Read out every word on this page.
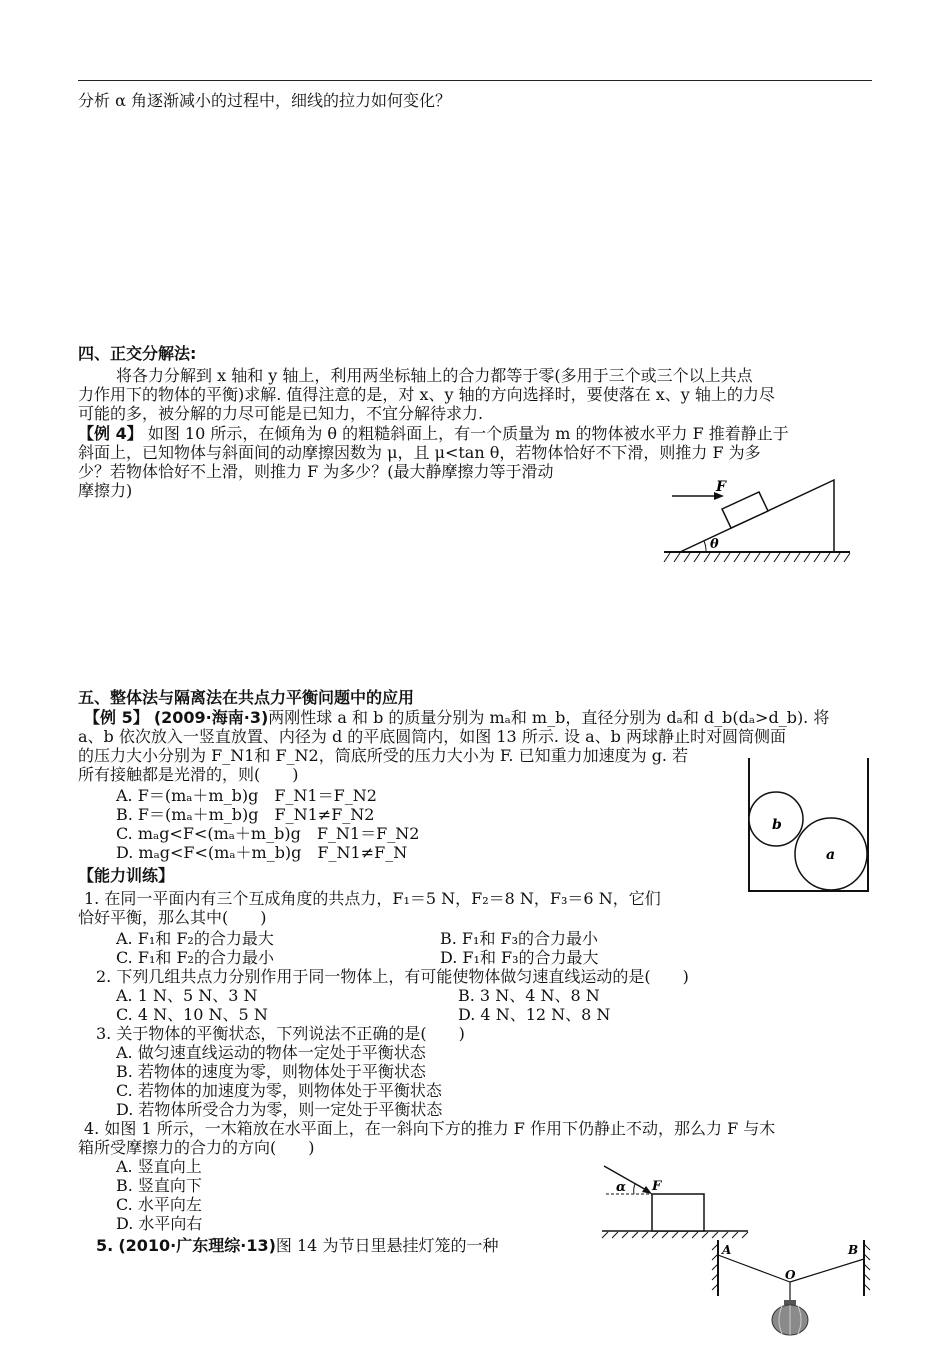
分析 α 角逐渐减小的过程中，细线的拉力如何变化？
四、正交分解法:
将各力分解到 x 轴和 y 轴上，利用两坐标轴上的合力都等于零(多用于三个或三个以上共点
力作用下的物体的平衡)求解. 值得注意的是，对 x、y 轴的方向选择时，要使落在 x、y 轴上的力尽
可能的多，被分解的力尽可能是已知力，不宜分解待求力.
【例 4】 如图 10 所示，在倾角为 θ 的粗糙斜面上，有一个质量为 m 的物体被水平力 F 推着静止于
斜面上，已知物体与斜面间的动摩擦因数为 μ，且 μ<tan θ，若物体恰好不下滑，则推力 F 为多
少？若物体恰好不上滑，则推力 F 为多少？(最大静摩擦力等于滑动
摩擦力)	F
θ
五、整体法与隔离法在共点力平衡问题中的应用
【例 5】 (2009·海南·3)两刚性球 a 和 b 的质量分别为 mₐ和 m_b，直径分别为 dₐ和 d_b(dₐ>d_b). 将
a、b 依次放入一竖直放置、内径为 d 的平底圆筒内，如图 13 所示. 设 a、b 两球静止时对圆筒侧面
的压力大小分别为 F_N1和 F_N2，筒底所受的压力大小为 F. 已知重力加速度为 g. 若
所有接触都是光滑的，则(　　)
A. F＝(mₐ＋m_b)g　F_N1＝F_N2
B. F＝(mₐ＋m_b)g　F_N1≠F_N2
C. mₐg<F<(mₐ＋m_b)g　F_N1＝F_N2
D. mₐg<F<(mₐ＋m_b)g　F_N1≠F_N
b
a
【能力训练】
1. 在同一平面内有三个互成角度的共点力，F₁＝5 N，F₂＝8 N，F₃＝6 N，它们
恰好平衡，那么其中(　　)
A. F₁和 F₂的合力最大	B. F₁和 F₃的合力最小
C. F₁和 F₂的合力最小	D. F₁和 F₃的合力最大
2. 下列几组共点力分别作用于同一物体上，有可能使物体做匀速直线运动的是(　　)
A. 1 N、5 N、3 N	B. 3 N、4 N、8 N
C. 4 N、10 N、5 N	D. 4 N、12 N、8 N
3. 关于物体的平衡状态，下列说法不正确的是(　　)
A. 做匀速直线运动的物体一定处于平衡状态
B. 若物体的速度为零，则物体处于平衡状态
C. 若物体的加速度为零，则物体处于平衡状态
D. 若物体所受合力为零，则一定处于平衡状态
4. 如图 1 所示，一木箱放在水平面上，在一斜向下方的推力 F 作用下仍静止不动，那么力 F 与木
箱所受摩擦力的合力的方向(　　)
A. 竖直向上
B. 竖直向下
C. 水平向左
D. 水平向右
5. (2010·广东理综·13)图 14 为节日里悬挂灯笼的一种
α F
A	B
O
